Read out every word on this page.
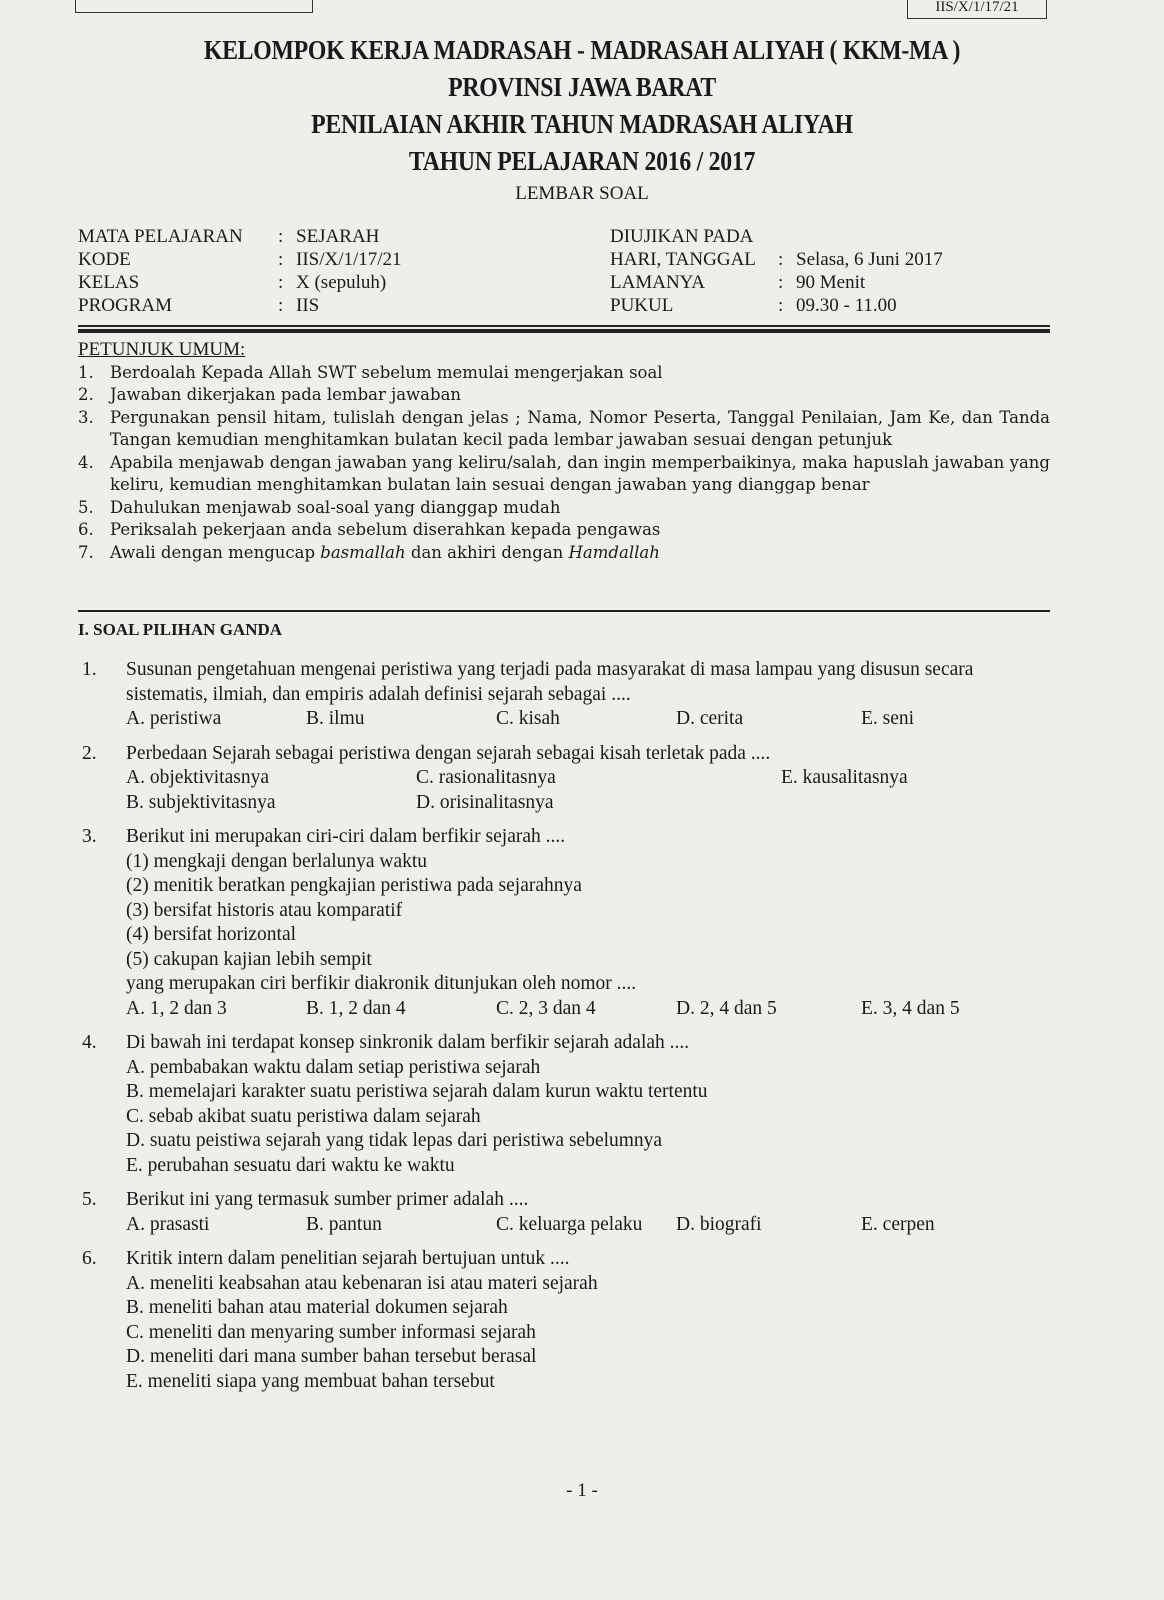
IIS/X/1/17/21
KELOMPOK KERJA MADRASAH - MADRASAH ALIYAH ( KKM-MA )
PROVINSI JAWA BARAT
PENILAIAN AKHIR TAHUN MADRASAH ALIYAH
TAHUN PELAJARAN 2016 / 2017
LEMBAR SOAL
MATA PELAJARAN	: SEJARAH
KODE	: IIS/X/1/17/21
KELAS	: X (sepuluh)
PROGRAM	: IIS
DIUJIKAN PADA
HARI, TANGGAL	: Selasa, 6 Juni 2017
LAMANYA	: 90 Menit
PUKUL	: 09.30 - 11.00
PETUNJUK UMUM:
1. Berdoalah Kepada Allah SWT sebelum memulai mengerjakan soal
2. Jawaban dikerjakan pada lembar jawaban
3. Pergunakan pensil hitam, tulislah dengan jelas ; Nama, Nomor Peserta, Tanggal Penilaian, Jam Ke, dan Tanda Tangan kemudian menghitamkan bulatan kecil pada lembar jawaban sesuai dengan petunjuk
4. Apabila menjawab dengan jawaban yang keliru/salah, dan ingin memperbaikinya, maka hapuslah jawaban yang keliru, kemudian menghitamkan bulatan lain sesuai dengan jawaban yang dianggap benar
5. Dahulukan menjawab soal-soal yang dianggap mudah
6. Periksalah pekerjaan anda sebelum diserahkan kepada pengawas
7. Awali dengan mengucap basmallah dan akhiri dengan Hamdallah
I. SOAL PILIHAN GANDA
1. Susunan pengetahuan mengenai peristiwa yang terjadi pada masyarakat di masa lampau yang disusun secara sistematis, ilmiah, dan empiris adalah definisi sejarah sebagai ....
A. peristiwa	B. ilmu	C. kisah	D. cerita	E. seni
2. Perbedaan Sejarah sebagai peristiwa dengan sejarah sebagai kisah terletak pada ....
A. objektivitasnya	C. rasionalitasnya	E. kausalitasnya
B. subjektivitasnya	D. orisinalitasnya
3. Berikut ini merupakan ciri-ciri dalam berfikir sejarah ....
(1) mengkaji dengan berlalunya waktu
(2) menitik beratkan pengkajian peristiwa pada sejarahnya
(3) bersifat historis atau komparatif
(4) bersifat horizontal
(5) cakupan kajian lebih sempit
yang merupakan ciri berfikir diakronik ditunjukan oleh nomor ....
A. 1, 2 dan 3	B. 1, 2 dan 4	C. 2, 3 dan 4	D. 2, 4 dan 5	E. 3, 4 dan 5
4. Di bawah ini terdapat konsep sinkronik dalam berfikir sejarah adalah ....
A. pembabakan waktu dalam setiap peristiwa sejarah
B. memelajari karakter suatu peristiwa sejarah dalam kurun waktu tertentu
C. sebab akibat suatu peristiwa dalam sejarah
D. suatu peistiwa sejarah yang tidak lepas dari peristiwa sebelumnya
E. perubahan sesuatu dari waktu ke waktu
5. Berikut ini yang termasuk sumber primer adalah ....
A. prasasti	B. pantun	C. keluarga pelaku	D. biografi	E. cerpen
6. Kritik intern dalam penelitian sejarah bertujuan untuk ....
A. meneliti keabsahan atau kebenaran isi atau materi sejarah
B. meneliti bahan atau material dokumen sejarah
C. meneliti dan menyaring sumber informasi sejarah
D. meneliti dari mana sumber bahan tersebut berasal
E. meneliti siapa yang membuat bahan tersebut
- 1 -
